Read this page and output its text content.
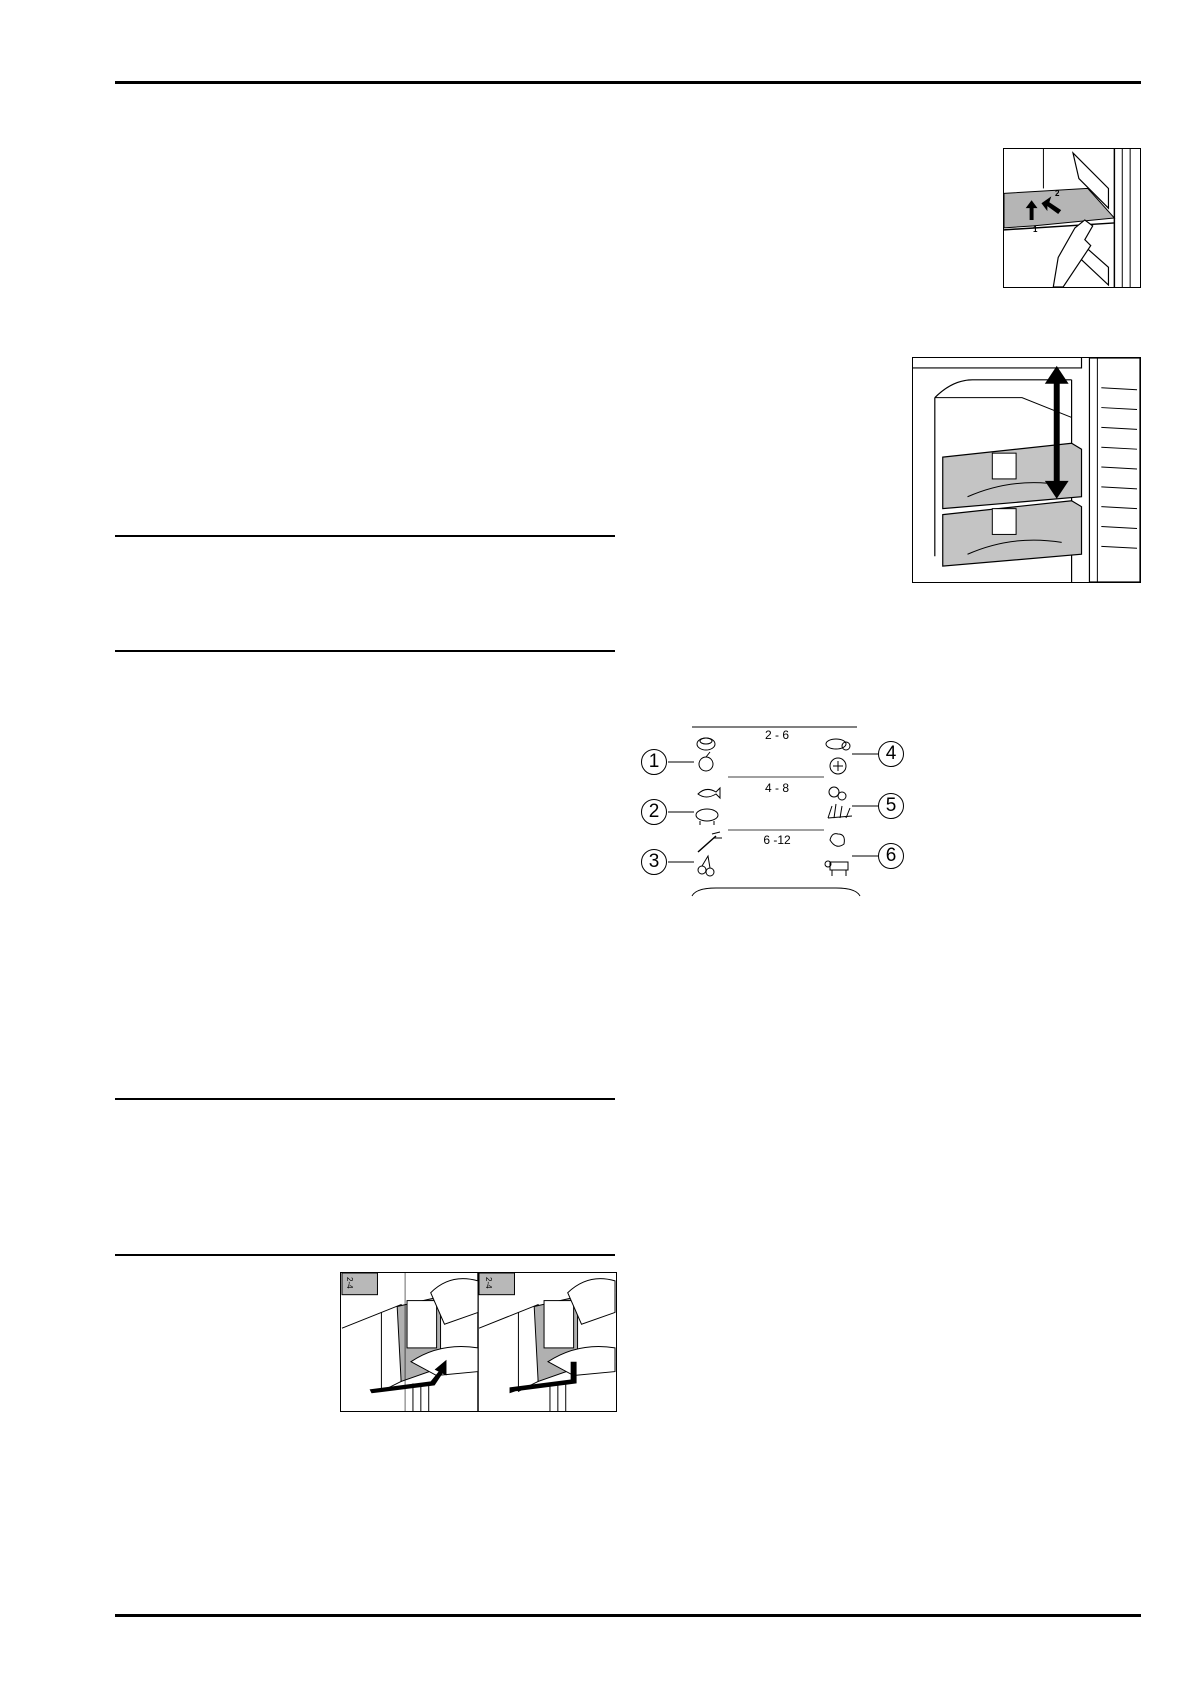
2
1
2 - 6
4 - 8
6 -12
1
2
3
4
5
6
2-4	2-4
